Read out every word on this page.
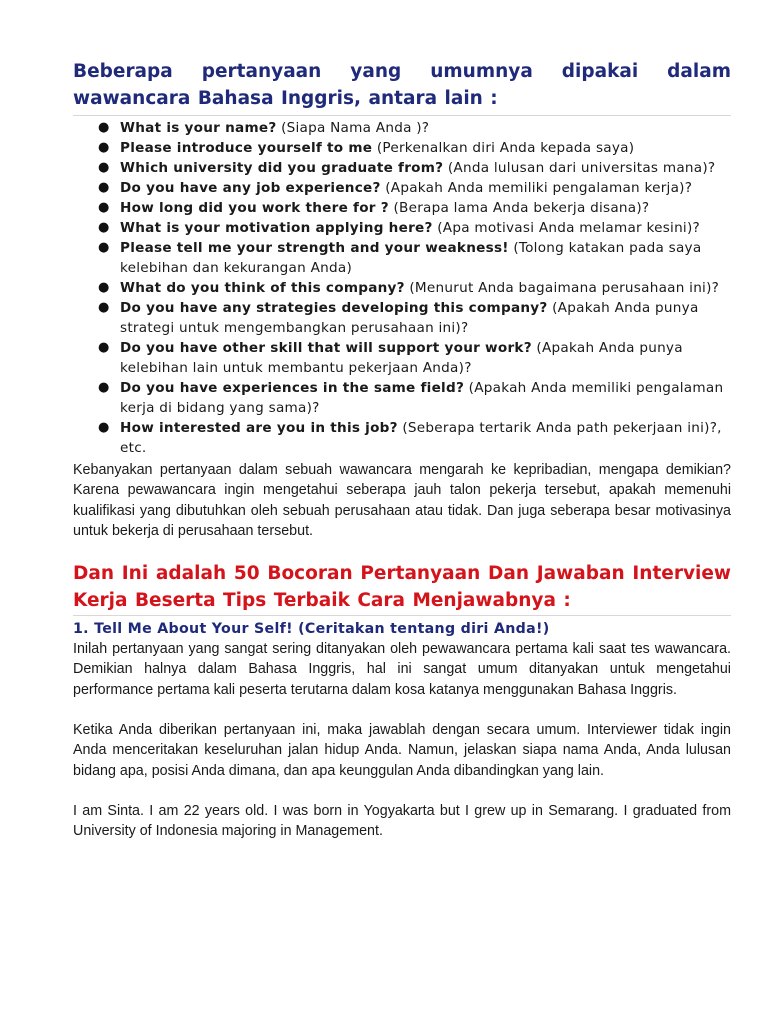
Beberapa pertanyaan yang umumnya dipakai dalam wawancara Bahasa Inggris, antara lain :
● What is your name? (Siapa Nama Anda )?
● Please introduce yourself to me (Perkenalkan diri Anda kepada saya)
● Which university did you graduate from? (Anda lulusan dari universitas mana)?
● Do you have any job experience? (Apakah Anda memiliki pengalaman kerja)?
● How long did you work there for ? (Berapa lama Anda bekerja disana)?
● What is your motivation applying here? (Apa motivasi Anda melamar kesini)?
● Please tell me your strength and your weakness! (Tolong katakan pada saya kelebihan dan kekurangan Anda)
● What do you think of this company? (Menurut Anda bagaimana perusahaan ini)?
● Do you have any strategies developing this company? (Apakah Anda punya strategi untuk mengembangkan perusahaan ini)?
● Do you have other skill that will support your work? (Apakah Anda punya kelebihan lain untuk membantu pekerjaan Anda)?
● Do you have experiences in the same field? (Apakah Anda memiliki pengalaman kerja di bidang yang sama)?
● How interested are you in this job? (Seberapa tertarik Anda path pekerjaan ini)?, etc.

Kebanyakan pertanyaan dalam sebuah wawancara mengarah ke kepribadian, mengapa demikian? Karena pewawancara ingin mengetahui seberapa jauh talon pekerja tersebut, apakah memenuhi kualifikasi yang dibutuhkan oleh sebuah perusahaan atau tidak. Dan juga seberapa besar motivasinya untuk bekerja di perusahaan tersebut.

Dan Ini adalah 50 Bocoran Pertanyaan Dan Jawaban Interview Kerja Beserta Tips Terbaik Cara Menjawabnya :
1. Tell Me About Your Self! (Ceritakan tentang diri Anda!)

Inilah pertanyaan yang sangat sering ditanyakan oleh pewawancara pertama kali saat tes wawancara. Demikian halnya dalam Bahasa Inggris, hal ini sangat umum ditanyakan untuk mengetahui performance pertama kali peserta terutarna dalam kosa katanya menggunakan Bahasa Inggris.

Ketika Anda diberikan pertanyaan ini, maka jawablah dengan secara umum. Interviewer tidak ingin Anda menceritakan keseluruhan jalan hidup Anda. Namun, jelaskan siapa nama Anda, Anda lulusan bidang apa, posisi Anda dimana, dan apa keunggulan Anda dibandingkan yang lain.

I am Sinta. I am 22 years old. I was born in Yogyakarta but I grew up in Semarang. I graduated from University of Indonesia majoring in Management.
